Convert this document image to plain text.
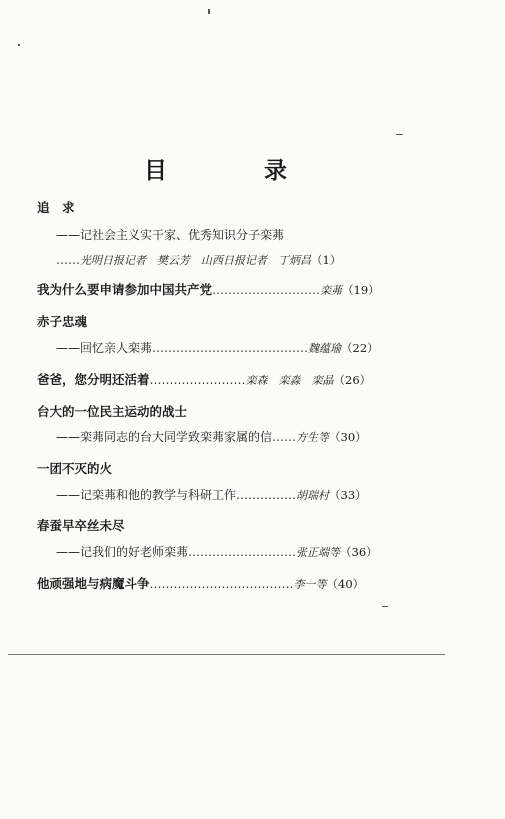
目	录
追　求
——记社会主义实干家、优秀知识分子栾茀
……光明日报记者　樊云芳　山西日报记者　丁炳昌（1）
我为什么要申请参加中国共产党………………………栾茀（19）
赤子忠魂
——回忆亲人栾茀…………………………………魏蕴瑜（22）
爸爸，您分明还活着……………………栾森　栾淼　栾晶（26）
台大的一位民主运动的战士
——栾茀同志的台大同学致栾茀家属的信……方生等（30）
一团不灭的火
——记栾茀和他的教学与科研工作……………胡瑞村（33）
春蚕早卒丝未尽
——记我们的好老师栾茀………………………张正端等（36）
他顽强地与病魔斗争………………………………李一等（40）
